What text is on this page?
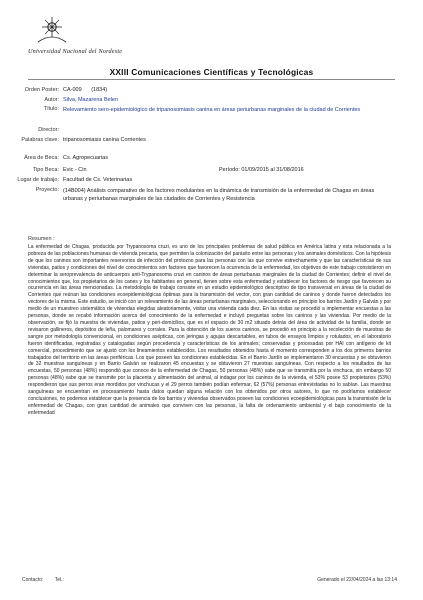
Universidad Nacional del Nordeste
XXIII Comunicaciones Científicas y Tecnológicas
Orden Poster: CA-009 (1834)
Autor: Silva, Mazarena Belen
Título: Relevamiento sero-epidemiológico de tripanosomiasis canina en áreas periurbanas marginales de la ciudad de Corrientes
Director:
Palabras clave: tripanosomiasis canina Corrientes
Área de Beca: Cs. Agropecuarias
Tipo Beca: Evic - Cin	Período: 01/09/2015 al 31/08/2016
Lugar de trabajo: Facultad de Cs. Veterinarias
Proyecto: (14B004) Análisis comparativo de los factores modulantes en la dinámica de transmisión de la enfermedad de Chagas en áreas urbanas y periurbanas marginales de las ciudades de Corrientes y Resistencia
Resumen :
La enfermedad de Chagas, producida por Trypanosoma cruzi, es uno de los principales problemas de salud pública en América latina y esta relacionada a la pobreza de las poblaciones humanas de vivienda precaria, que permiten la colonización del parásito entre las personas y los animales domésticos. Con la hipótesis de que los caninos son importantes reservorios de infección del protozoo para las personas con las que convive estrechamente y que las características de sus viviendas, patios y condiciones del nivel de conocimientos son factores que favorecen la ocurrencia de la enfermedad, los objetivos de este trabajo consistieron en determinar la seroprevalencia de anticuerpos anti-Trypanosoma cruzi en caninos de áreas periurbanas marginales de la ciudad de Corrientes; definir el nivel de conocimientos que, los propietarios de los canes y los habitantes en general, tienen sobre esta enfermedad y establecer los factores de riesgo que favorecen su ocurrencia en las áreas mencionadas. La metodología de trabajo consiste en un estudio epidemiológico descriptivo de tipo transversal en áreas de la ciudad de Corrientes que reúnan las condiciones ecoepidemiológicas óptimas para la transmisión del vector, con gran cantidad de caninos y donde fueron detectados los vectores de la misma. Este estudio, se inició con un relevamiento de las áreas periurbanas marginales, seleccionando en principio los barrios Jardín y Galván y por medio de un muestreo sistemático de viviendas elegidas aleatoriamente, visitar una vivienda cada diez. En las visitas se procedió a implementar encuestas a las personas, donde se recabó información acerca del conocimiento de la enfermedad e incluyó preguntas sobre los caninos y las viviendas. Por medio de la observación, se fijó la muestra de viviendas, patios y peri-domicilios, que es el espacio de 30 m2 situado detrás del área de actividad de la familia, donde se revisaron gallineros, depósitos de leña, palomares y corrales. Para la obtención de los sueros caninos, se procedió en principio a la recolección de muestras de sangre por metodología convencional, en condiciones asépticas, con jeringas y agujas descartables, en tubos de ensayos limpios y rotulados, en el laboratorio fueron identificadas, registradas y catalogadas según procedencia y características de los animales; conservadas y procesadas por HAI con antígeno de kit comercial, procedimiento que se ajustó con los lineamientos establecidos. Los resultados obtenidos hasta el momento corresponden a los dos primeros barrios trabajados del territorio en las áreas periféricas. Los que poseen las condiciones establecidas. En el Barrio Jardín se implementaron 30 encuestas y se obtuvieron de 32 muestras sanguíneas y en Barrio Galván se realizaron 45 encuestas y se obtuvieron 27 muestras sanguíneas. Con respecto a los resultados de las encuestas, 50 personas (48%) respondió que conoce de la enfermedad de Chagas, 50 personas (48%) sabe que se transmitía por la vinchuca, sin embargo 50 personas (48%) sabe que se transmite por la placenta y alimentación del animal, al indagar por los caninos de la vivienda, el 53% posee 53 propietarios (53%) respondieron que sus perros eran mordidos por vinchucas y el 29 perros también podían enfermar, 62 (57%) personas entrevistadas no lo sabían. Las muestras sanguíneas se encuentran en procesamiento hasta datos quedan alguna relación con los obtenidos por otros autores, lo que no podríamos establecer conclusiones, no podemos establecer que la presencia de los barrios y viviendas observados poseen las condiciones ecoepidemiológicas para la transmisión de la enfermedad de Chagas, con gran cantidad de animales que conviven con las personas, la falta de ordenamiento ambiental y el bajo conocimiento de la enfermedad
Contacto: Tel.:	Generado el 22/04/2024 a las 13:14
